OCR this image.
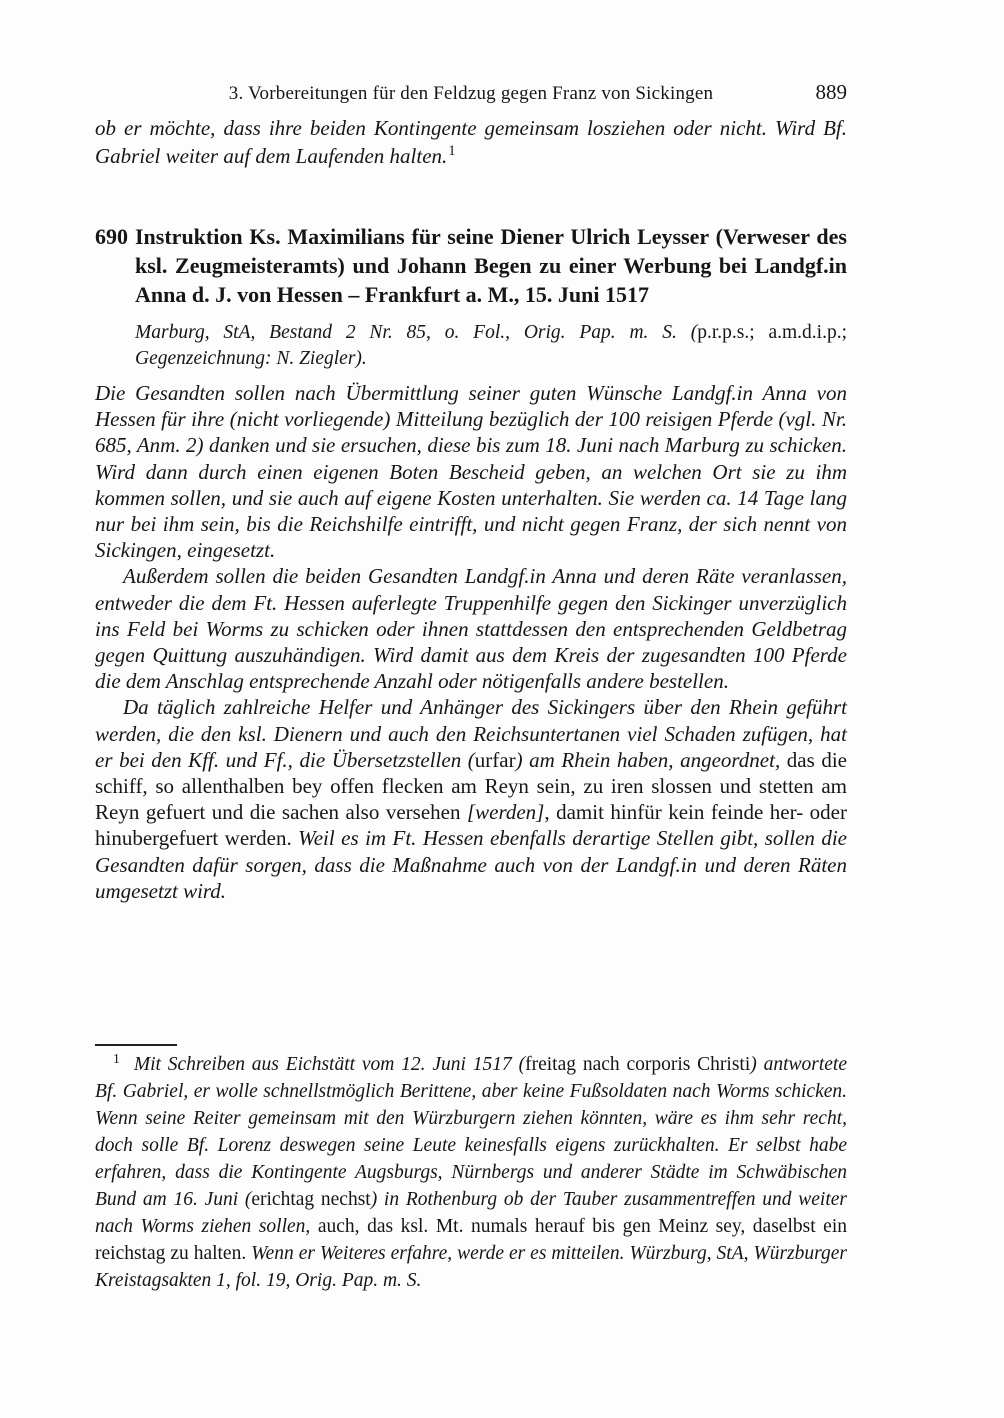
3. Vorbereitungen für den Feldzug gegen Franz von Sickingen	889

ob er möchte, dass ihre beiden Kontingente gemeinsam losziehen oder nicht. Wird Bf. Gabriel weiter auf dem Laufenden halten.$^1$

690 Instruktion Ks. Maximilians für seine Diener Ulrich Leysser (Verweser des ksl. Zeugmeisteramts) und Johann Begen zu einer Werbung bei Landgf.in Anna d. J. von Hessen – Frankfurt a. M., 15. Juni 1517

Marburg, StA, Bestand 2 Nr. 85, o. Fol., Orig. Pap. m. S. (p.r.p.s.; a.m.d.i.p.; Gegenzeichnung: N. Ziegler).

Die Gesandten sollen nach Übermittlung seiner guten Wünsche Landgf.in Anna von Hessen für ihre (nicht vorliegende) Mitteilung bezüglich der 100 reisigen Pferde (vgl. Nr. 685, Anm. 2) danken und sie ersuchen, diese bis zum 18. Juni nach Marburg zu schicken. Wird dann durch einen eigenen Boten Bescheid geben, an welchen Ort sie zu ihm kommen sollen, und sie auch auf eigene Kosten unterhalten. Sie werden ca. 14 Tage lang nur bei ihm sein, bis die Reichshilfe eintrifft, und nicht gegen Franz, der sich nennt von Sickingen, eingesetzt.

Außerdem sollen die beiden Gesandten Landgf.in Anna und deren Räte veranlassen, entweder die dem Ft. Hessen auferlegte Truppenhilfe gegen den Sickinger unverzüglich ins Feld bei Worms zu schicken oder ihnen stattdessen den entsprechenden Geldbetrag gegen Quittung auszuhändigen. Wird damit aus dem Kreis der zugesandten 100 Pferde die dem Anschlag entsprechende Anzahl oder nötigenfalls andere bestellen.

Da täglich zahlreiche Helfer und Anhänger des Sickingers über den Rhein geführt werden, die den ksl. Dienern und auch den Reichsuntertanen viel Schaden zufügen, hat er bei den Kff. und Ff., die Übersetzstellen (urfar) am Rhein haben, angeordnet, das die schiff, so allenthalben bey offen flecken am Reyn sein, zu iren slossen und stetten am Reyn gefuert und die sachen also versehen [werden], damit hinfür kein feinde her- oder hinubergefuert werden. Weil es im Ft. Hessen ebenfalls derartige Stellen gibt, sollen die Gesandten dafür sorgen, dass die Maßnahme auch von der Landgf.in und deren Räten umgesetzt wird.

$^1$ Mit Schreiben aus Eichstätt vom 12. Juni 1517 (freitag nach corporis Christi) antwortete Bf. Gabriel, er wolle schnellstmöglich Berittene, aber keine Fußsoldaten nach Worms schicken. Wenn seine Reiter gemeinsam mit den Würzburgern ziehen könnten, wäre es ihm sehr recht, doch solle Bf. Lorenz deswegen seine Leute keinesfalls eigens zurückhalten. Er selbst habe erfahren, dass die Kontingente Augsburgs, Nürnbergs und anderer Städte im Schwäbischen Bund am 16. Juni (erichtag nechst) in Rothenburg ob der Tauber zusammentreffen und weiter nach Worms ziehen sollen, auch, das ksl. Mt. numals herauf bis gen Meinz sey, daselbst ein reichstag zu halten. Wenn er Weiteres erfahre, werde er es mitteilen. Würzburg, StA, Würzburger Kreistagsakten 1, fol. 19, Orig. Pap. m. S.
